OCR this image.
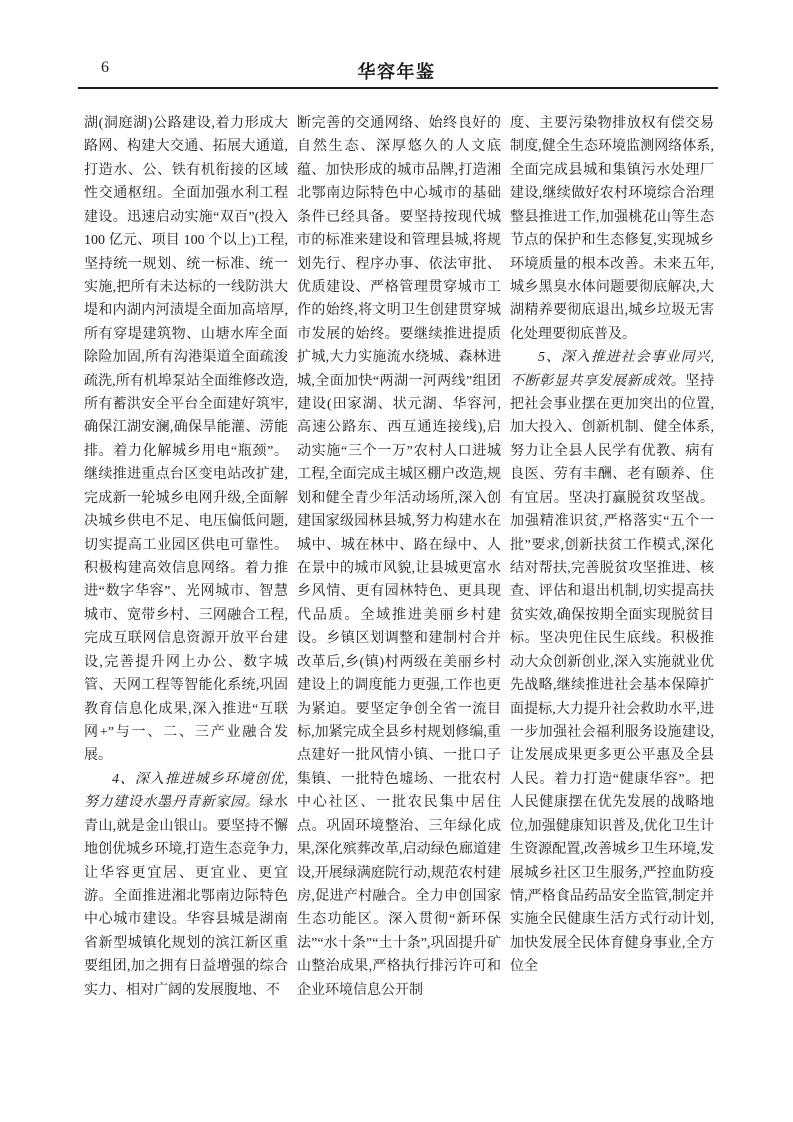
6	华容年鉴

湖(洞庭湖)公路建设,着力形成大路网、构建大交通、拓展大通道,打造水、公、铁有机衔接的区域性交通枢纽。全面加强水利工程建设。迅速启动实施“双百”(投入 100 亿元、项目 100 个以上)工程,坚持统一规划、统一标准、统一实施,把所有未达标的一线防洪大堤和内湖内河渍堤全面加高培厚,所有穿堤建筑物、山塘水库全面除险加固,所有沟港渠道全面疏浚疏洗,所有机埠泵站全面维修改造,所有蓄洪安全平台全面建好筑牢,确保江湖安澜,确保旱能灌、涝能排。着力化解城乡用电“瓶颈”。继续推进重点台区变电站改扩建,完成新一轮城乡电网升级,全面解决城乡供电不足、电压偏低问题,切实提高工业园区供电可靠性。积极构建高效信息网络。着力推进“数字华容”、光网城市、智慧城市、宽带乡村、三网融合工程,完成互联网信息资源开放平台建设,完善提升网上办公、数字城管、天网工程等智能化系统,巩固教育信息化成果,深入推进“互联网+”与一、二、三产业融合发展。

4、深入推进城乡环境创优,努力建设水墨丹青新家园。绿水青山,就是金山银山。要坚持不懈地创优城乡环境,打造生态竞争力,让华容更宜居、更宜业、更宜游。全面推进湘北鄂南边际特色中心城市建设。华容县城是湖南省新型城镇化规划的滨江新区重要组团,加之拥有日益增强的综合实力、相对广阔的发展腹地、不

断完善的交通网络、始终良好的自然生态、深厚悠久的人文底蕴、加快形成的城市品牌,打造湘北鄂南边际特色中心城市的基础条件已经具备。要坚持按现代城市的标准来建设和管理县城,将规划先行、程序办事、依法审批、优质建设、严格管理贯穿城市工作的始终,将文明卫生创建贯穿城市发展的始终。要继续推进提质扩城,大力实施流水绕城、森林进城,全面加快“两湖一河两线”组团建设(田家湖、状元湖、华容河,高速公路东、西互通连接线),启动实施“三个一万”农村人口进城工程,全面完成主城区棚户改造,规划和健全青少年活动场所,深入创建国家级园林县城,努力构建水在城中、城在林中、路在绿中、人在景中的城市风貌,让县城更富水乡风情、更有园林特色、更具现代品质。全域推进美丽乡村建设。乡镇区划调整和建制村合并改革后,乡(镇)村两级在美丽乡村建设上的调度能力更强,工作也更为紧迫。要坚定争创全省一流目标,加紧完成全县乡村规划修编,重点建好一批风情小镇、一批口子集镇、一批特色墟场、一批农村中心社区、一批农民集中居住点。巩固环境整治、三年绿化成果,深化殡葬改革,启动绿色廊道建设,开展绿满庭院行动,规范农村建房,促进产村融合。全力申创国家生态功能区。深入贯彻“新环保法”“水十条”“土十条”,巩固提升矿山整治成果,严格执行排污许可和企业环境信息公开制

度、主要污染物排放权有偿交易制度,健全生态环境监测网络体系,全面完成县城和集镇污水处理厂建设,继续做好农村环境综合治理整县推进工作,加强桃花山等生态节点的保护和生态修复,实现城乡环境质量的根本改善。未来五年,城乡黑臭水体问题要彻底解决,大湖精养要彻底退出,城乡垃圾无害化处理要彻底普及。

5、深入推进社会事业同兴,不断彰显共享发展新成效。坚持把社会事业摆在更加突出的位置,加大投入、创新机制、健全体系,努力让全县人民学有优教、病有良医、劳有丰酬、老有颐养、住有宜居。坚决打赢脱贫攻坚战。加强精准识贫,严格落实“五个一批”要求,创新扶贫工作模式,深化结对帮扶,完善脱贫攻坚推进、核查、评估和退出机制,切实提高扶贫实效,确保按期全面实现脱贫目标。坚决兜住民生底线。积极推动大众创新创业,深入实施就业优先战略,继续推进社会基本保障扩面提标,大力提升社会救助水平,进一步加强社会福利服务设施建设,让发展成果更多更公平惠及全县人民。着力打造“健康华容”。把人民健康摆在优先发展的战略地位,加强健康知识普及,优化卫生计生资源配置,改善城乡卫生环境,发展城乡社区卫生服务,严控血防疫情,严格食品药品安全监管,制定并实施全民健康生活方式行动计划,加快发展全民体育健身事业,全方位全
